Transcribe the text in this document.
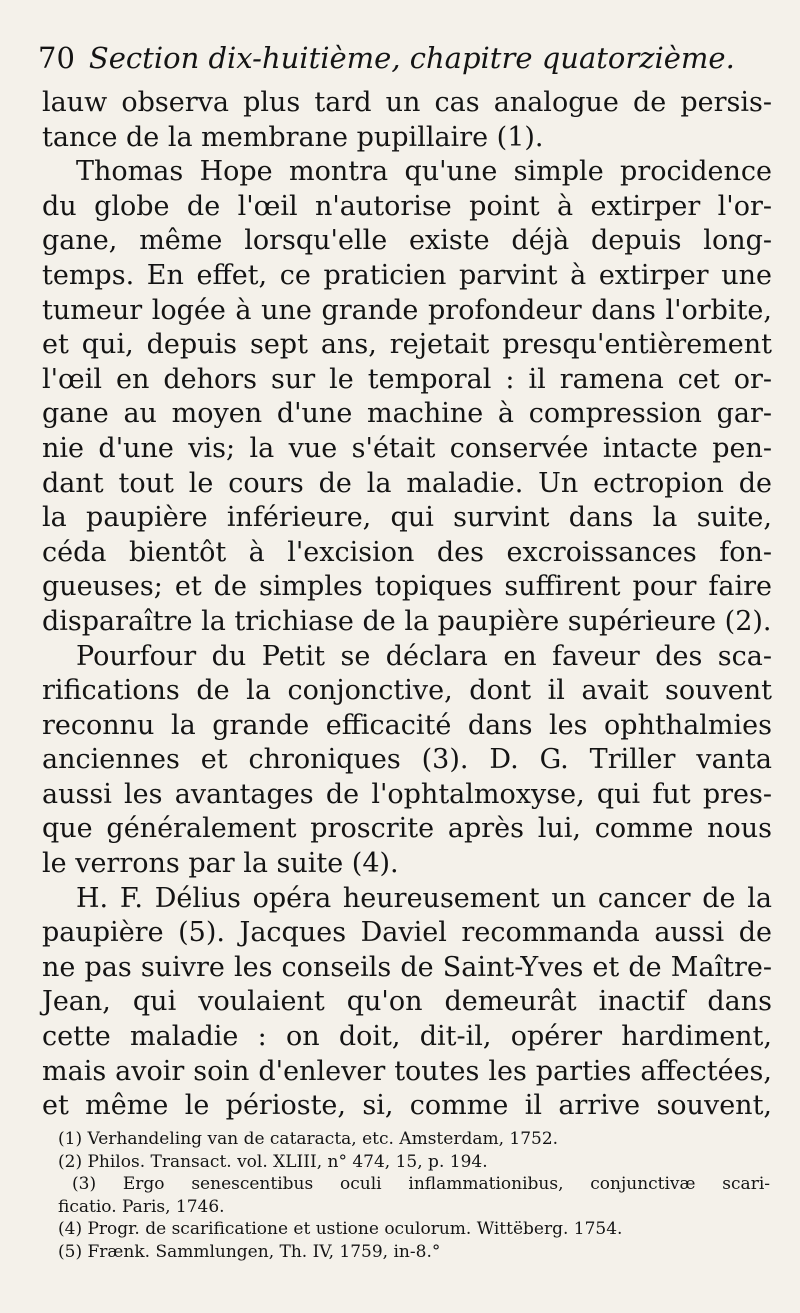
70 Section dix-huitième, chapitre quatorzième.
lauw observa plus tard un cas analogue de persis-
tance de la membrane pupillaire (1).
Thomas Hope montra qu'une simple procidence
du globe de l'œil n'autorise point à extirper l'or-
gane, même lorsqu'elle existe déjà depuis long-
temps. En effet, ce praticien parvint à extirper une
tumeur logée à une grande profondeur dans l'orbite,
et qui, depuis sept ans, rejetait presqu'entièrement
l'œil en dehors sur le temporal : il ramena cet or-
gane au moyen d'une machine à compression gar-
nie d'une vis; la vue s'était conservée intacte pen-
dant tout le cours de la maladie. Un ectropion de
la paupière inférieure, qui survint dans la suite,
céda bientôt à l'excision des excroissances fon-
gueuses; et de simples topiques suffirent pour faire
disparaître la trichiase de la paupière supérieure (2).
Pourfour du Petit se déclara en faveur des sca-
rifications de la conjonctive, dont il avait souvent
reconnu la grande efficacité dans les ophthalmies
anciennes et chroniques (3). D. G. Triller vanta
aussi les avantages de l'ophtalmoxyse, qui fut pres-
que généralement proscrite après lui, comme nous
le verrons par la suite (4).
H. F. Délius opéra heureusement un cancer de la
paupière (5). Jacques Daviel recommanda aussi de
ne pas suivre les conseils de Saint-Yves et de Maître-
Jean, qui voulaient qu'on demeurât inactif dans
cette maladie : on doit, dit-il, opérer hardiment,
mais avoir soin d'enlever toutes les parties affectées,
et même le périoste, si, comme il arrive souvent,
(1) Verhandeling van de cataracta, etc. Amsterdam, 1752.
(2) Philos. Transact. vol. XLIII, n° 474, 15, p. 194.
(3) Ergo senescentibus oculi inflammationibus, conjunctivæ scari-
ficatio. Paris, 1746.
(4) Progr. de scarificatione et ustione oculorum. Wittëberg. 1754.
(5) Frænk. Sammlungen, Th. IV, 1759, in-8.°
